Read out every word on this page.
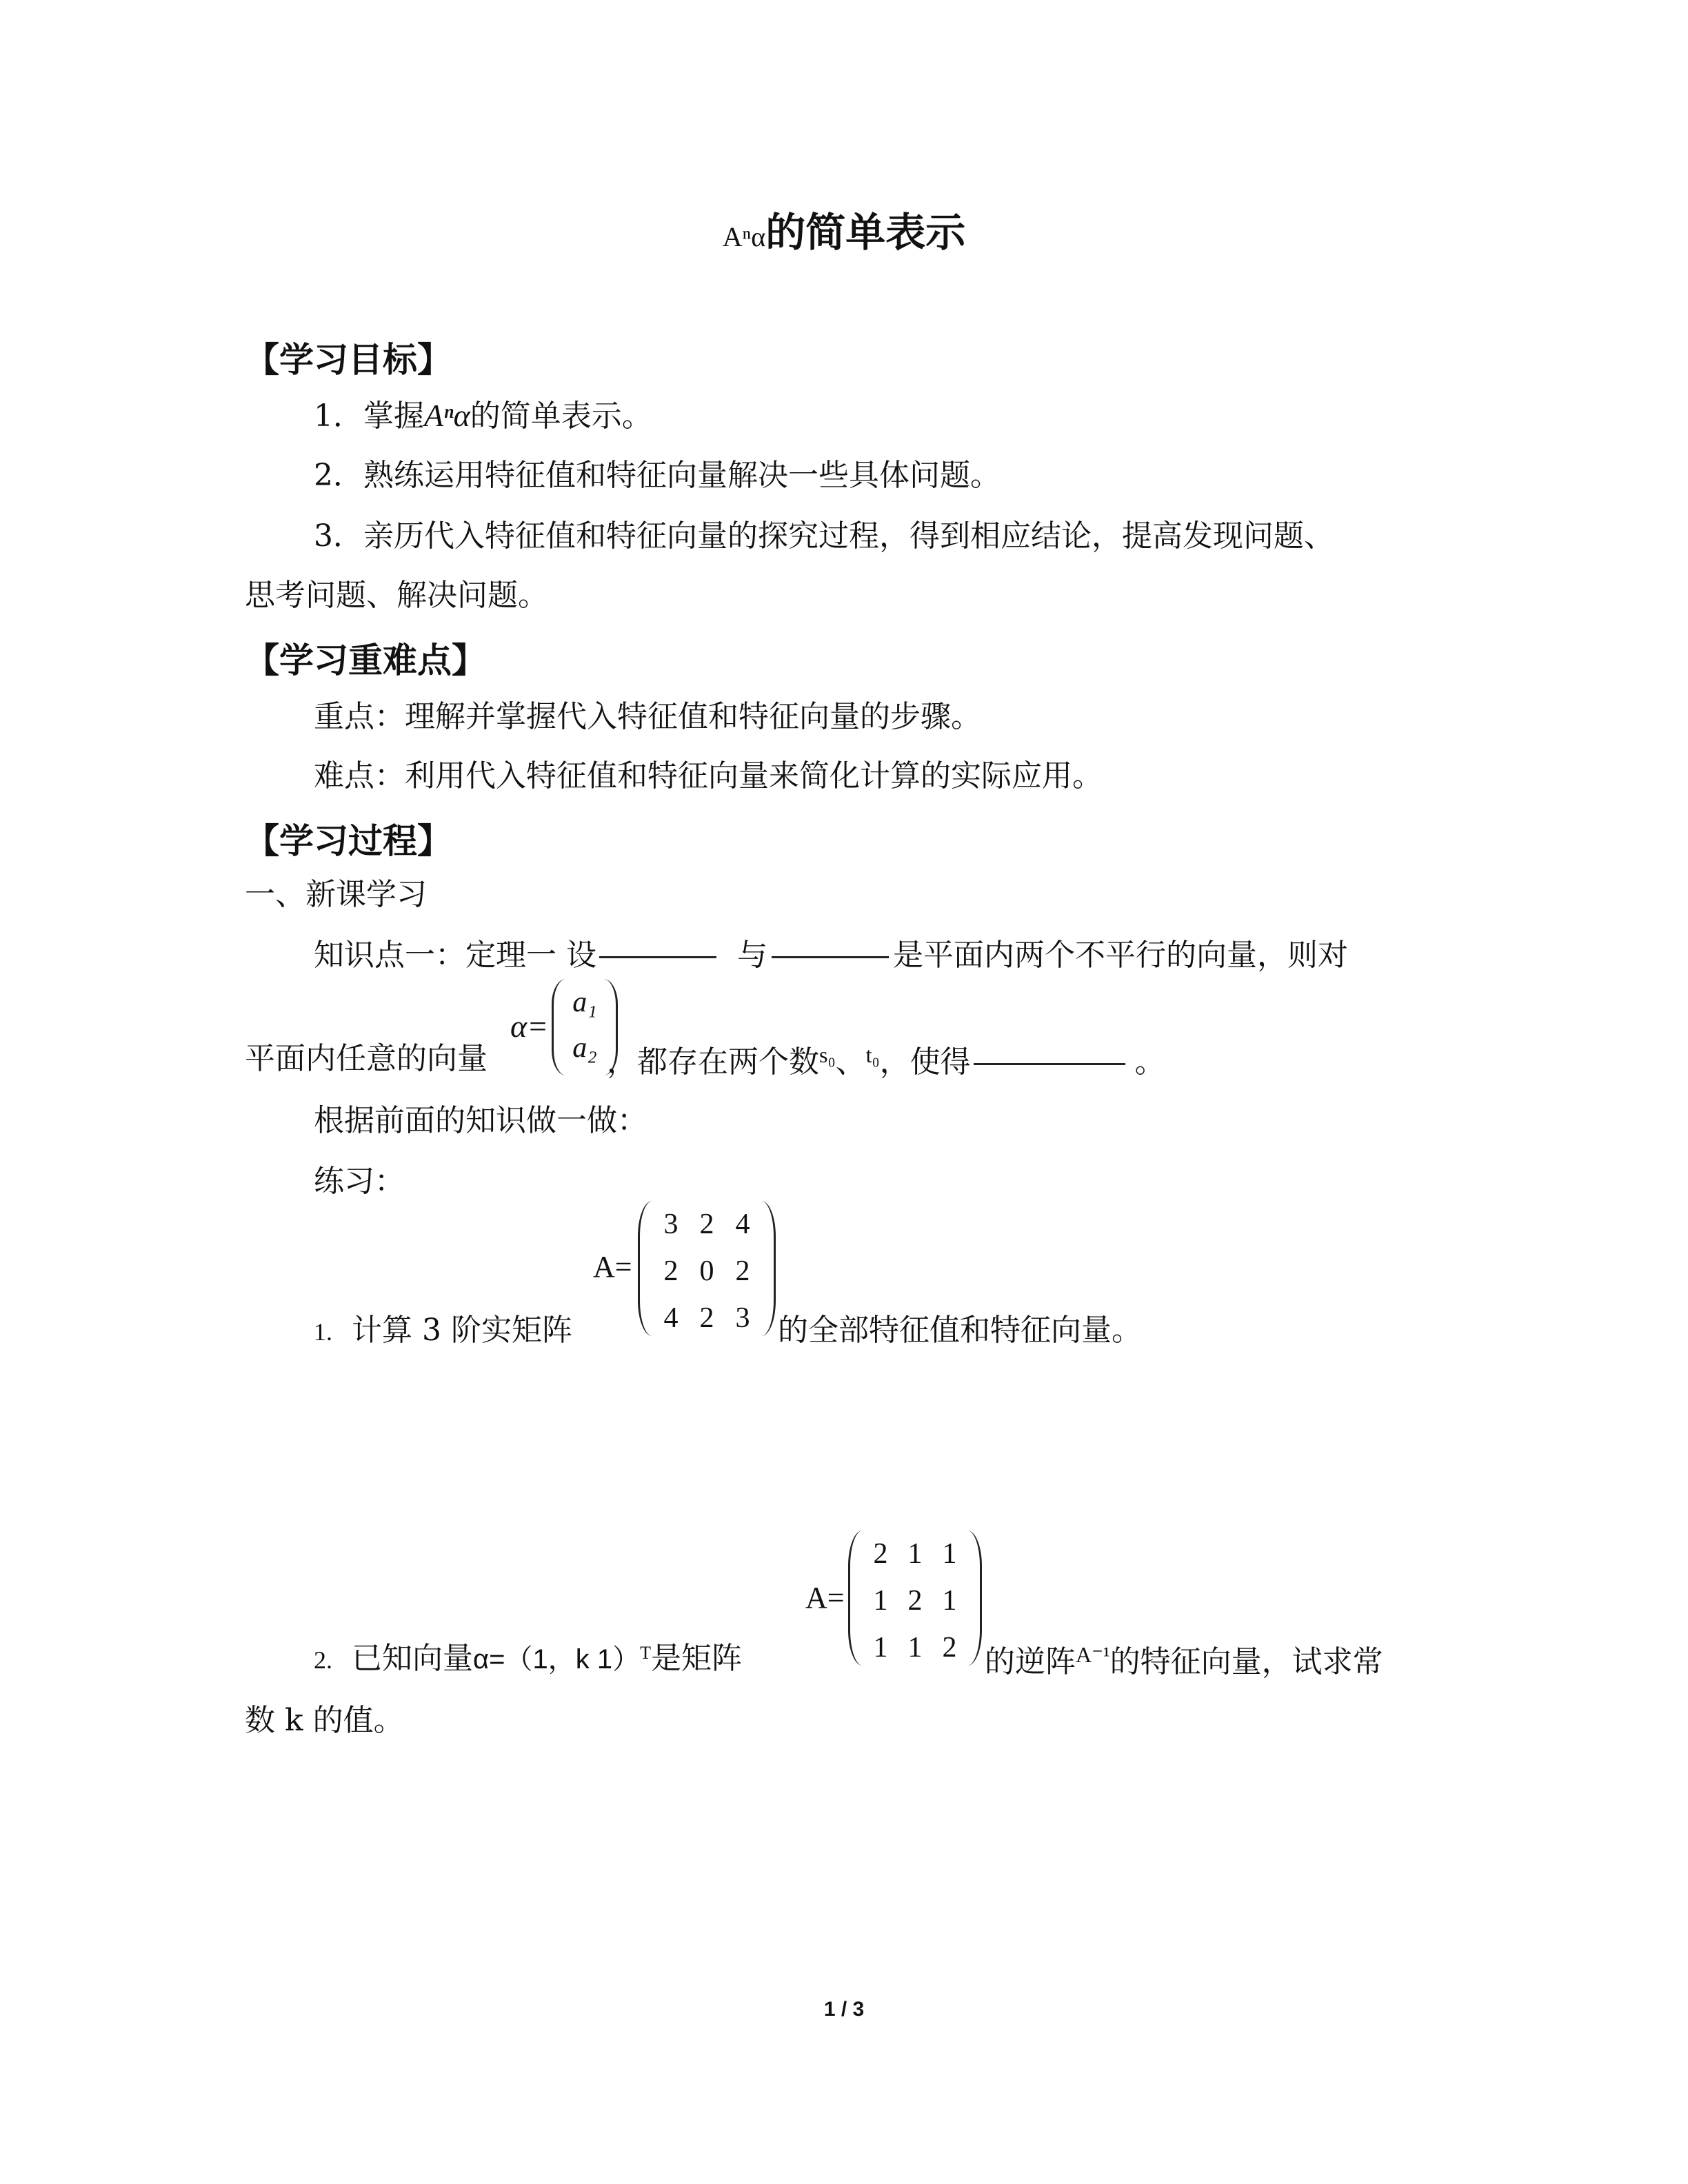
Aⁿα的简单表示
【学习目标】
1．掌握Aⁿα的简单表示。
2．熟练运用特征值和特征向量解决一些具体问题。
3．亲历代入特征值和特征向量的探究过程，得到相应结论，提高发现问题、
思考问题、解决问题。
【学习重难点】
重点：理解并掌握代入特征值和特征向量的步骤。
难点：利用代入特征值和特征向量来简化计算的实际应用。
【学习过程】
一、新课学习
知识点一：定理一 设	与	是平面内两个不平行的向量，则对
α=
a₁
a₂
平面内任意的向量	，都存在两个数$^{s_0}$、$^{t_0}$，使得	。
根据前面的知识做一做：
练习：
A=
3 2 4
2 0 2
4 2 3
1. 计算 3 阶实矩阵	的全部特征值和特征向量。
A=
2 1 1
1 2 1
1 1 2
2. 已知向量α=（1，k 1）$^T$是矩阵	的逆阵$^{A^{-1}}$的特征向量，试求常
数 k 的值。
1 / 3
